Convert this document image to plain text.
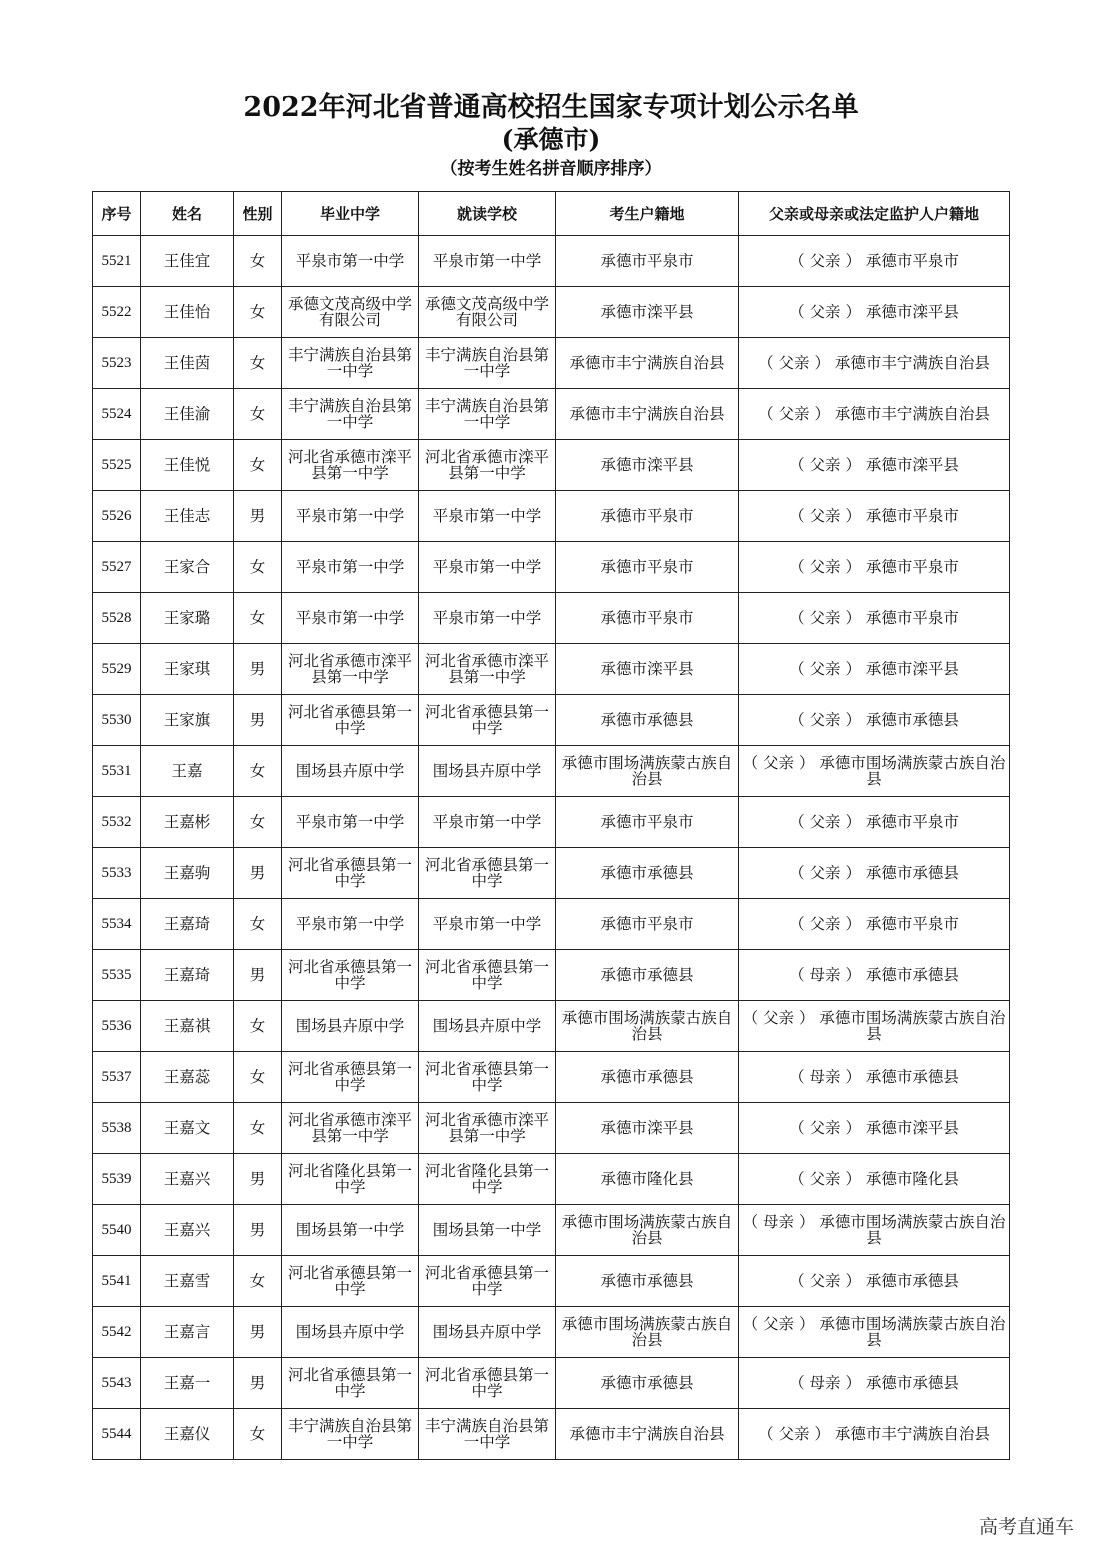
2022年河北省普通高校招生国家专项计划公示名单
(承德市)
（按考生姓名拼音顺序排序）
序号	姓名	性别	毕业中学	就读学校	考生户籍地	父亲或母亲或法定监护人户籍地
5521	王佳宜	女	平泉市第一中学	平泉市第一中学	承德市平泉市	（ 父亲 ） 承德市平泉市
5522	王佳怡	女	承德文茂高级中学有限公司	承德文茂高级中学有限公司	承德市滦平县	（ 父亲 ） 承德市滦平县
5523	王佳茵	女	丰宁满族自治县第一中学	丰宁满族自治县第一中学	承德市丰宁满族自治县	（ 父亲 ） 承德市丰宁满族自治县
5524	王佳渝	女	丰宁满族自治县第一中学	丰宁满族自治县第一中学	承德市丰宁满族自治县	（ 父亲 ） 承德市丰宁满族自治县
5525	王佳悦	女	河北省承德市滦平县第一中学	河北省承德市滦平县第一中学	承德市滦平县	（ 父亲 ） 承德市滦平县
5526	王佳志	男	平泉市第一中学	平泉市第一中学	承德市平泉市	（ 父亲 ） 承德市平泉市
5527	王家合	女	平泉市第一中学	平泉市第一中学	承德市平泉市	（ 父亲 ） 承德市平泉市
5528	王家璐	女	平泉市第一中学	平泉市第一中学	承德市平泉市	（ 父亲 ） 承德市平泉市
5529	王家琪	男	河北省承德市滦平县第一中学	河北省承德市滦平县第一中学	承德市滦平县	（ 父亲 ） 承德市滦平县
5530	王家旗	男	河北省承德县第一中学	河北省承德县第一中学	承德市承德县	（ 父亲 ） 承德市承德县
5531	王嘉	女	围场县卉原中学	围场县卉原中学	承德市围场满族蒙古族自治县	（ 父亲 ） 承德市围场满族蒙古族自治县
5532	王嘉彬	女	平泉市第一中学	平泉市第一中学	承德市平泉市	（ 父亲 ） 承德市平泉市
5533	王嘉驹	男	河北省承德县第一中学	河北省承德县第一中学	承德市承德县	（ 父亲 ） 承德市承德县
5534	王嘉琦	女	平泉市第一中学	平泉市第一中学	承德市平泉市	（ 父亲 ） 承德市平泉市
5535	王嘉琦	男	河北省承德县第一中学	河北省承德县第一中学	承德市承德县	（ 母亲 ） 承德市承德县
5536	王嘉祺	女	围场县卉原中学	围场县卉原中学	承德市围场满族蒙古族自治县	（ 父亲 ） 承德市围场满族蒙古族自治县
5537	王嘉蕊	女	河北省承德县第一中学	河北省承德县第一中学	承德市承德县	（ 母亲 ） 承德市承德县
5538	王嘉文	女	河北省承德市滦平县第一中学	河北省承德市滦平县第一中学	承德市滦平县	（ 父亲 ） 承德市滦平县
5539	王嘉兴	男	河北省隆化县第一中学	河北省隆化县第一中学	承德市隆化县	（ 父亲 ） 承德市隆化县
5540	王嘉兴	男	围场县第一中学	围场县第一中学	承德市围场满族蒙古族自治县	（ 母亲 ） 承德市围场满族蒙古族自治县
5541	王嘉雪	女	河北省承德县第一中学	河北省承德县第一中学	承德市承德县	（ 父亲 ） 承德市承德县
5542	王嘉言	男	围场县卉原中学	围场县卉原中学	承德市围场满族蒙古族自治县	（ 父亲 ） 承德市围场满族蒙古族自治县
5543	王嘉一	男	河北省承德县第一中学	河北省承德县第一中学	承德市承德县	（ 母亲 ） 承德市承德县
5544	王嘉仪	女	丰宁满族自治县第一中学	丰宁满族自治县第一中学	承德市丰宁满族自治县	（ 父亲 ） 承德市丰宁满族自治县
高考直通车
